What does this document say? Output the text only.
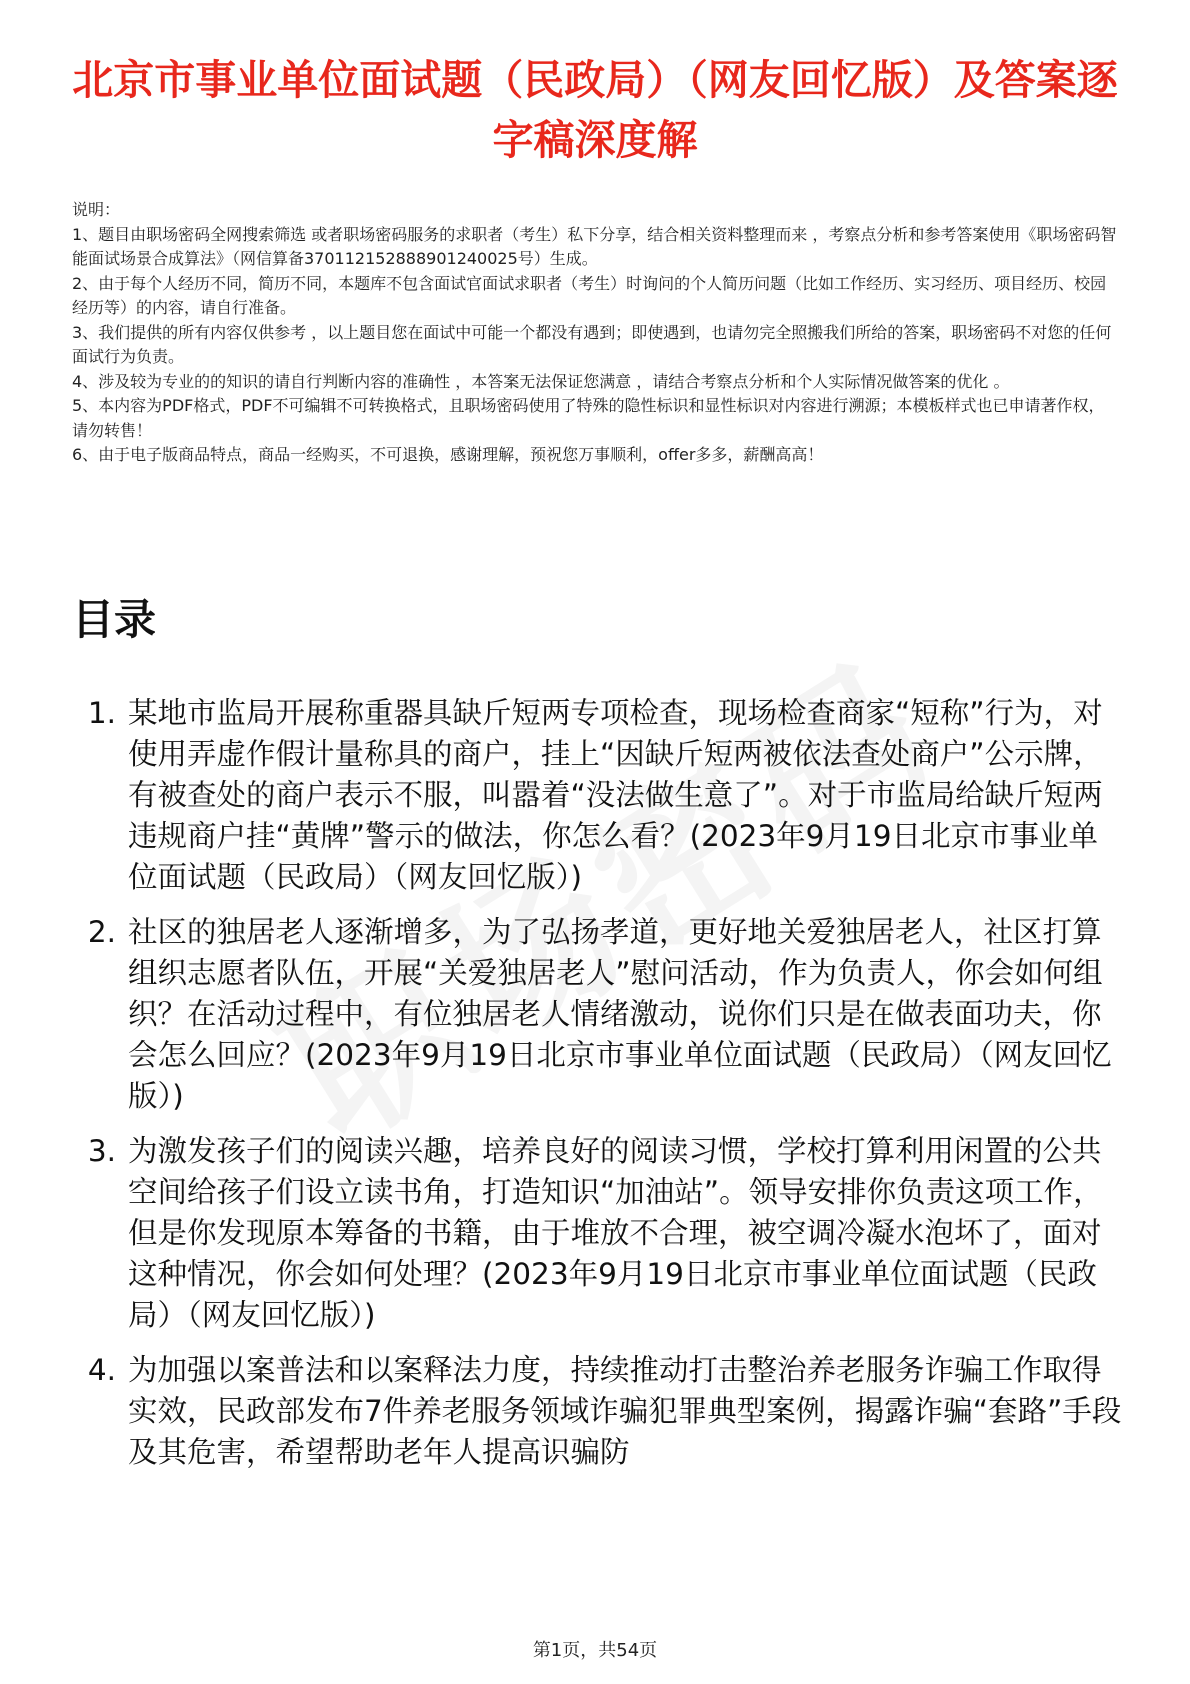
北京市事业单位面试题（民政局）（网友回忆版）及答案逐字稿深度解
说明：
1、题目由职场密码全网搜索筛选 或者职场密码服务的求职者（考生）私下分享，结合相关资料整理而来 ，考察点分析和参考答案使用《职场密码智能面试场景合成算法》（网信算备370112152888901240025号）生成。
2、由于每个人经历不同，简历不同，本题库不包含面试官面试求职者（考生）时询问的个人简历问题（比如工作经历、实习经历、项目经历、校园经历等）的内容，请自行准备。
3、我们提供的所有内容仅供参考 ，以上题目您在面试中可能一个都没有遇到；即使遇到，也请勿完全照搬我们所给的答案，职场密码不对您的任何面试行为负责。
4、涉及较为专业的的知识的请自行判断内容的准确性 ，本答案无法保证您满意 ，请结合考察点分析和个人实际情况做答案的优化 。
5、本内容为PDF格式，PDF不可编辑不可转换格式，且职场密码使用了特殊的隐性标识和显性标识对内容进行溯源；本模板样式也已申请著作权，请勿转售！
6、由于电子版商品特点，商品一经购买，不可退换，感谢理解，预祝您万事顺利，offer多多，薪酬高高！
目录
1. 某地市监局开展称重器具缺斤短两专项检查，现场检查商家“短称”行为，对使用弄虚作假计量称具的商户，挂上“因缺斤短两被依法查处商户”公示牌，有被查处的商户表示不服，叫嚣着“没法做生意了”。对于市监局给缺斤短两违规商户挂“黄牌”警示的做法，你怎么看？(2023年9月19日北京市事业单位面试题（民政局）（网友回忆版）)
2. 社区的独居老人逐渐增多，为了弘扬孝道，更好地关爱独居老人，社区打算组织志愿者队伍，开展“关爱独居老人”慰问活动，作为负责人，你会如何组织？在活动过程中，有位独居老人情绪激动，说你们只是在做表面功夫，你会怎么回应？(2023年9月19日北京市事业单位面试题（民政局）（网友回忆版）)
3. 为激发孩子们的阅读兴趣，培养良好的阅读习惯，学校打算利用闲置的公共空间给孩子们设立读书角，打造知识“加油站”。领导安排你负责这项工作，但是你发现原本筹备的书籍，由于堆放不合理，被空调冷凝水泡坏了，面对这种情况，你会如何处理？(2023年9月19日北京市事业单位面试题（民政局）（网友回忆版）)
4. 为加强以案普法和以案释法力度，持续推动打击整治养老服务诈骗工作取得实效，民政部发布7件养老服务领域诈骗犯罪典型案例，揭露诈骗“套路”手段及其危害，希望帮助老年人提高识骗防
第1页，共54页
